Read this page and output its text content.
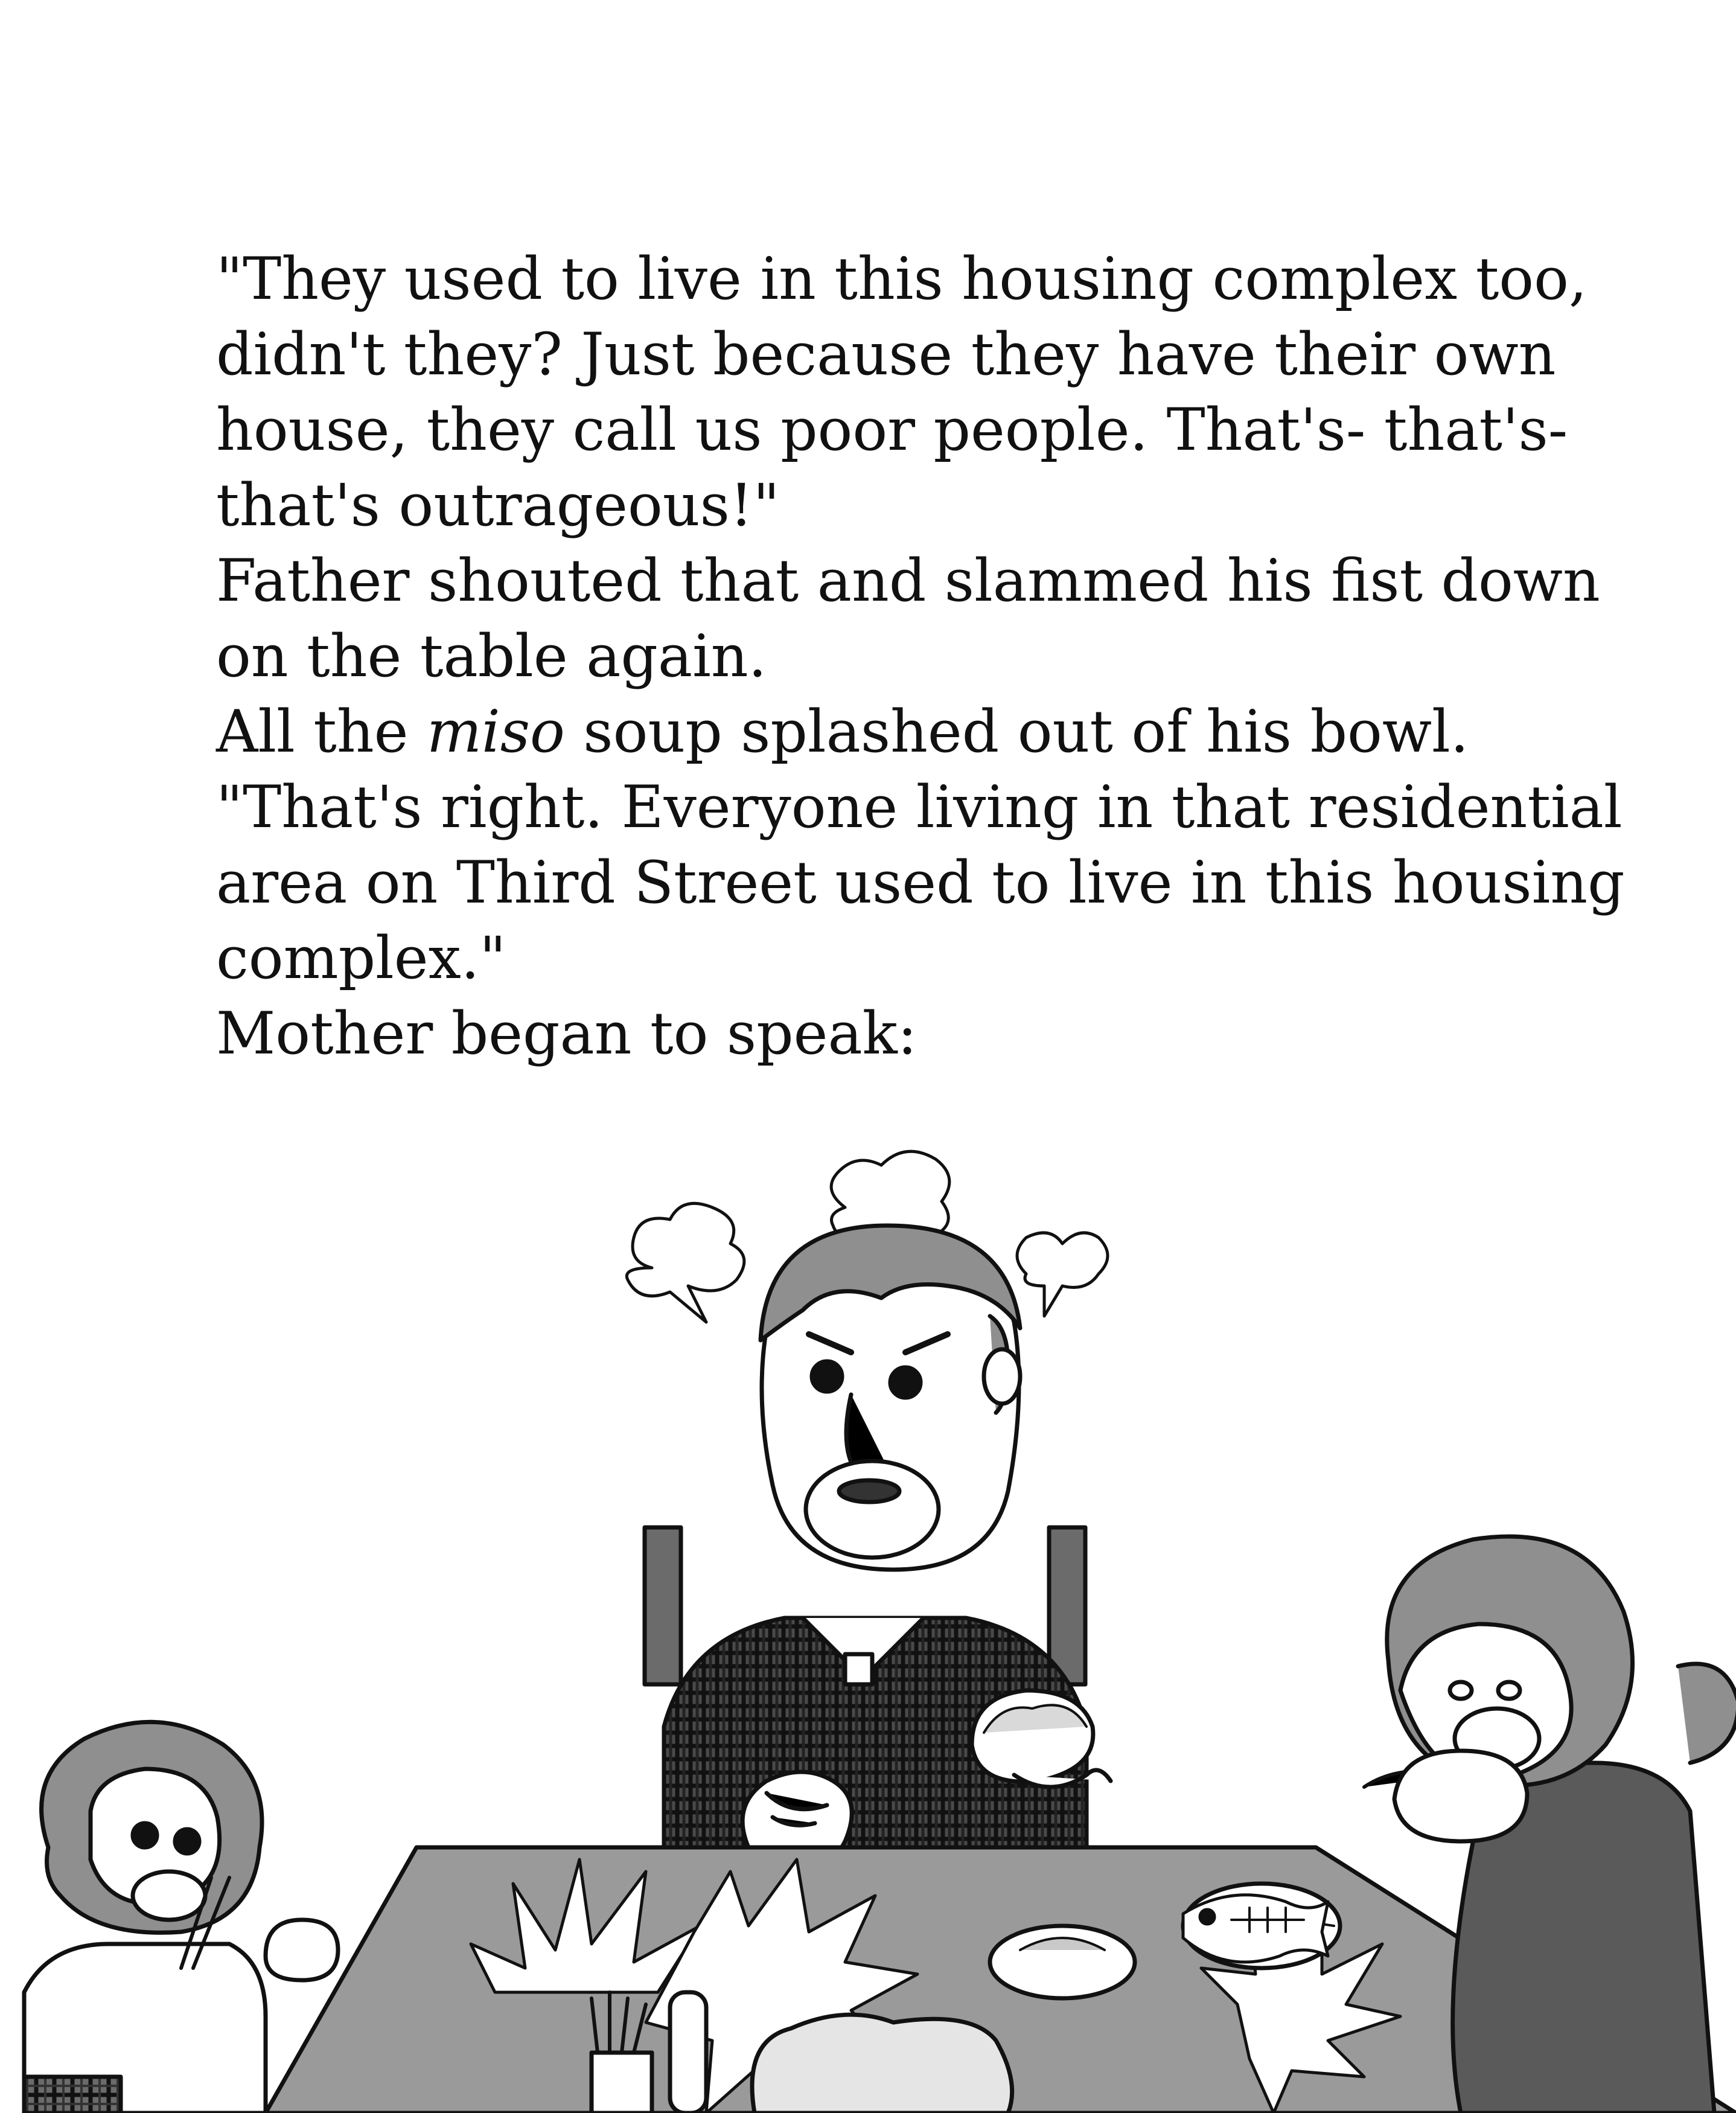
"They used to live in this housing complex too,
didn't they? Just because they have their own
house, they call us poor people. That's- that's-
that's outrageous!"
Father shouted that and slammed his fist down
on the table again.
All the miso soup splashed out of his bowl.
"That's right. Everyone living in that residential
area on Third Street used to live in this housing
complex."
Mother began to speak:
